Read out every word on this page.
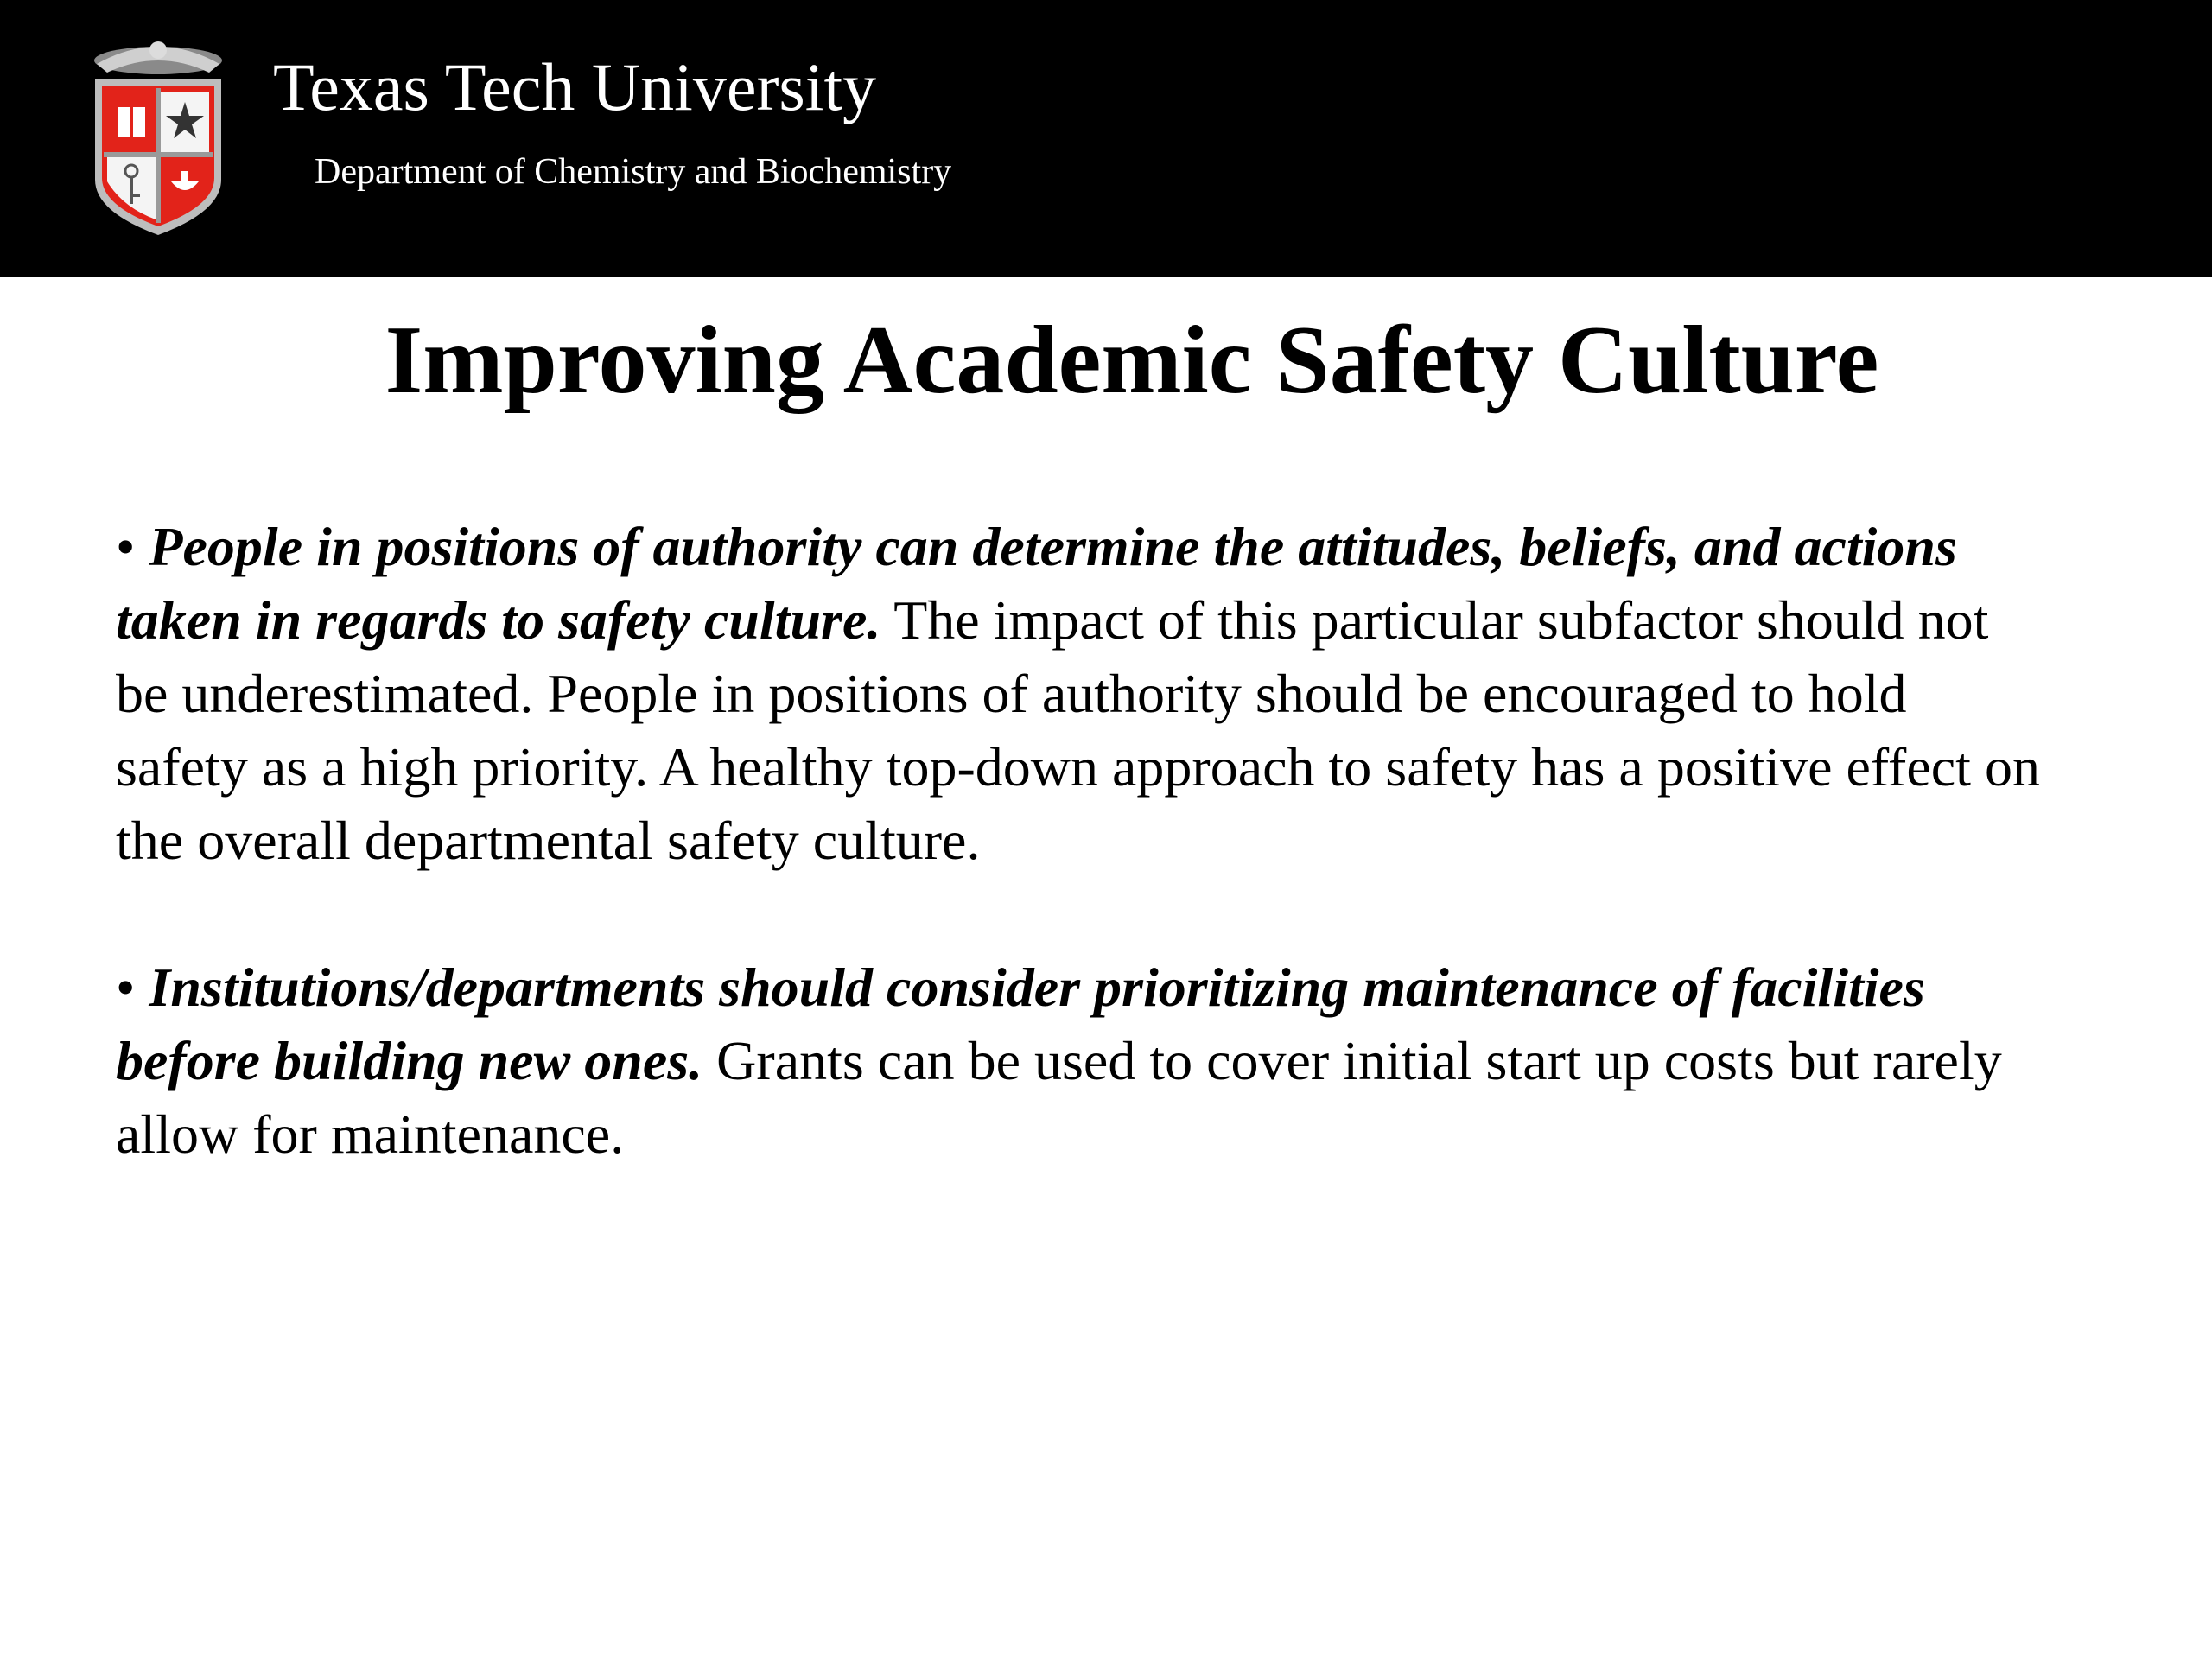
Texas Tech University
Department of Chemistry and Biochemistry
Improving Academic Safety Culture
• People in positions of authority can determine the attitudes, beliefs, and actions taken in regards to safety culture. The impact of this particular subfactor should not be underestimated. People in positions of authority should be encouraged to hold safety as a high priority. A healthy top-down approach to safety has a positive effect on the overall departmental safety culture.
• Institutions/departments should consider prioritizing maintenance of facilities before building new ones. Grants can be used to cover initial start up costs but rarely allow for maintenance.
